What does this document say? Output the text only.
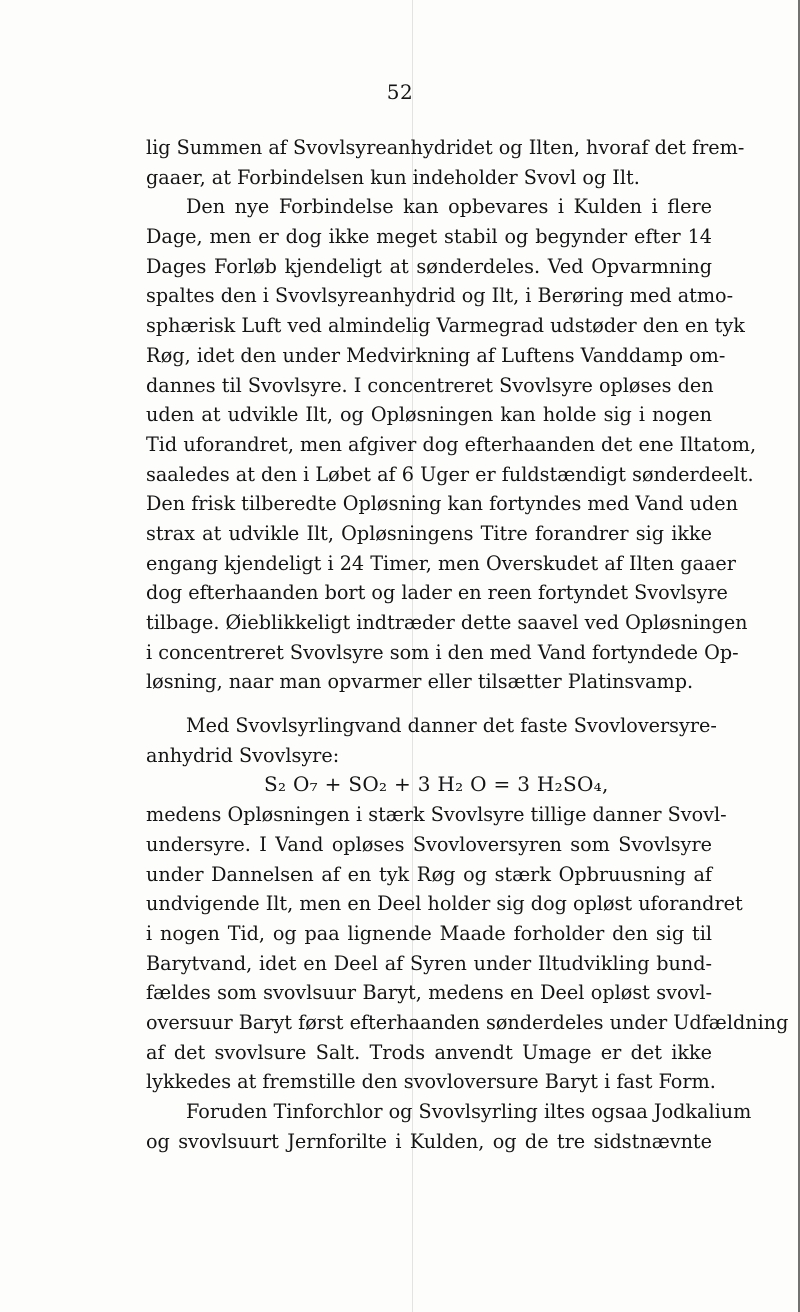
52
lig Summen af Svovlsyreanhydridet og Ilten, hvoraf det frem-
gaaer, at Forbindelsen kun indeholder Svovl og Ilt.
Den nye Forbindelse kan opbevares i Kulden i flere
Dage, men er dog ikke meget stabil og begynder efter 14
Dages Forløb kjendeligt at sønderdeles. Ved Opvarmning
spaltes den i Svovlsyreanhydrid og Ilt, i Berøring med atmo-
sphærisk Luft ved almindelig Varmegrad udstøder den en tyk
Røg, idet den under Medvirkning af Luftens Vanddamp om-
dannes til Svovlsyre. I concentreret Svovlsyre opløses den
uden at udvikle Ilt, og Opløsningen kan holde sig i nogen
Tid uforandret, men afgiver dog efterhaanden det ene Iltatom,
saaledes at den i Løbet af 6 Uger er fuldstændigt sønderdeelt.
Den frisk tilberedte Opløsning kan fortyndes med Vand uden
strax at udvikle Ilt, Opløsningens Titre forandrer sig ikke
engang kjendeligt i 24 Timer, men Overskudet af Ilten gaaer
dog efterhaanden bort og lader en reen fortyndet Svovlsyre
tilbage. Øieblikkeligt indtræder dette saavel ved Opløsningen
i concentreret Svovlsyre som i den med Vand fortyndede Op-
løsning, naar man opvarmer eller tilsætter Platinsvamp.
Med Svovlsyrlingvand danner det faste Svovloversyre-
anhydrid Svovlsyre:
S₂ O₇ + SO₂ + 3 H₂ O = 3 H₂SO₄,
medens Opløsningen i stærk Svovlsyre tillige danner Svovl-
undersyre. I Vand opløses Svovloversyren som Svovlsyre
under Dannelsen af en tyk Røg og stærk Opbruusning af
undvigende Ilt, men en Deel holder sig dog opløst uforandret
i nogen Tid, og paa lignende Maade forholder den sig til
Barytvand, idet en Deel af Syren under Iltudvikling bund-
fældes som svovlsuur Baryt, medens en Deel opløst svovl-
oversuur Baryt først efterhaanden sønderdeles under Udfældning
af det svovlsure Salt. Trods anvendt Umage er det ikke
lykkedes at fremstille den svovloversure Baryt i fast Form.
Foruden Tinforchlor og Svovlsyrling iltes ogsaa Jodkalium
og svovlsuurt Jernforilte i Kulden, og de tre sidstnævnte
